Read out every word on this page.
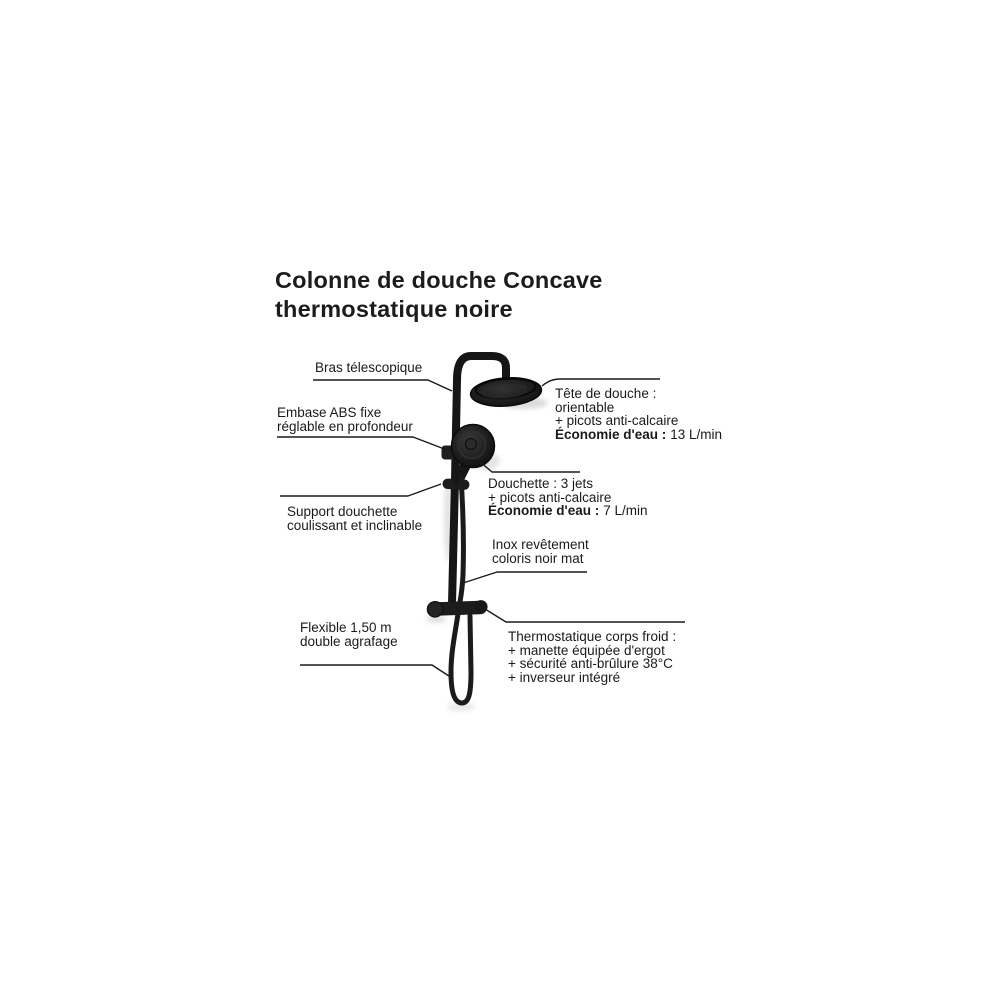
Colonne de douche Concave
thermostatique noire
Bras télescopique
Embase ABS fixe
réglable en profondeur
Tête de douche :
orientable
+ picots anti-calcaire
Économie d'eau : 13 L/min
Douchette : 3 jets
+ picots anti-calcaire
Économie d'eau : 7 L/min
Support douchette
coulissant et inclinable
Inox revêtement
coloris noir mat
Flexible 1,50 m
double agrafage	Thermostatique corps froid :
+ manette équipée d'ergot
+ sécurité anti-brûlure 38°C
+ inverseur intégré
